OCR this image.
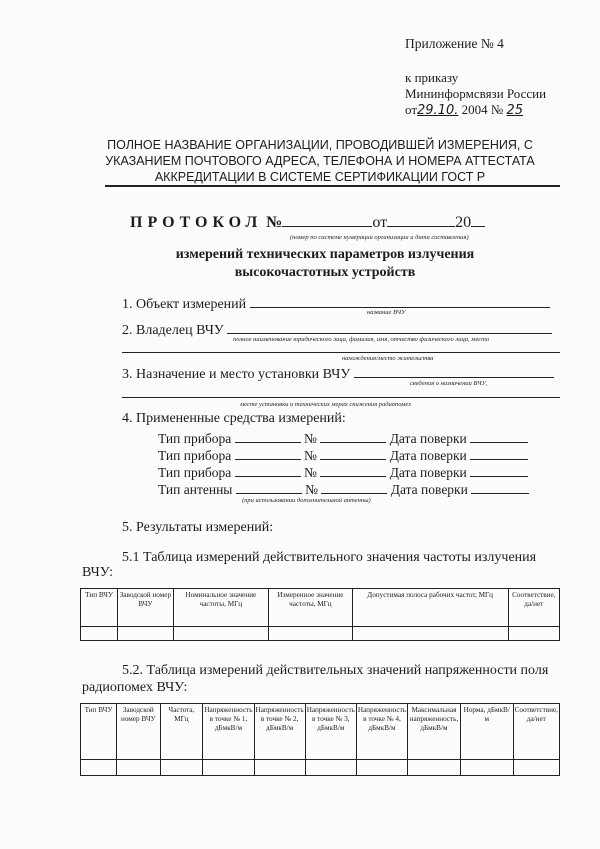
Приложение № 4
к приказу
Мининформсвязи России
от29.10. 2004 № 25
ПОЛНОЕ НАЗВАНИЕ ОРГАНИЗАЦИИ, ПРОВОДИВШЕЙ ИЗМЕРЕНИЯ, С УКАЗАНИЕМ ПОЧТОВОГО АДРЕСА, ТЕЛЕФОНА И НОМЕРА АТТЕСТАТА АККРЕДИТАЦИИ В СИСТЕМЕ СЕРТИФИКАЦИИ ГОСТ Р
ПРОТОКОЛ №	от	20
(номер по системе нумерации организации и дата составления)
измерений технических параметров излучения
высокочастотных устройств
1. Объект измерений
название ВЧУ
2. Владелец ВЧУ
полное наименование юридического лица, фамилия, имя, отчество физического лица, место
нахождения/место жительства
3. Назначение и место установки ВЧУ
сведения о назначении ВЧУ,
месте установки и технических мерах снижения радиопомех
4. Примененные средства измерений:
Тип прибора	№	Дата поверки
Тип прибора	№	Дата поверки
Тип прибора	№	Дата поверки
Тип антенны	№	Дата поверки
(при использовании дополнительной антенны)
5. Результаты измерений:
5.1 Таблица измерений действительного значения частоты излучения
ВЧУ:
Тип ВЧУ	Заводской номер ВЧУ	Номинальное значение частоты, МГц	Измеренное значение частоты, МГц	Допустимая полоса рабочих частот, МГц	Соответствие, да/нет

5.2. Таблица измерений действительных значений напряженности поля
радиопомех ВЧУ:
Тип ВЧУ	Заводской номер ВЧУ	Частота, МГц	Напряженность в точке № 1, дБмкВ/м	Напряженность в точке № 2, дБмкВ/м	Напряженность в точке № 3, дБмкВ/м	Напряженность в точке № 4, дБмкВ/м	Максимальная напряженность, дБмкВ/м	Норма, дБмкВ/м	Соответствие, да/нет
